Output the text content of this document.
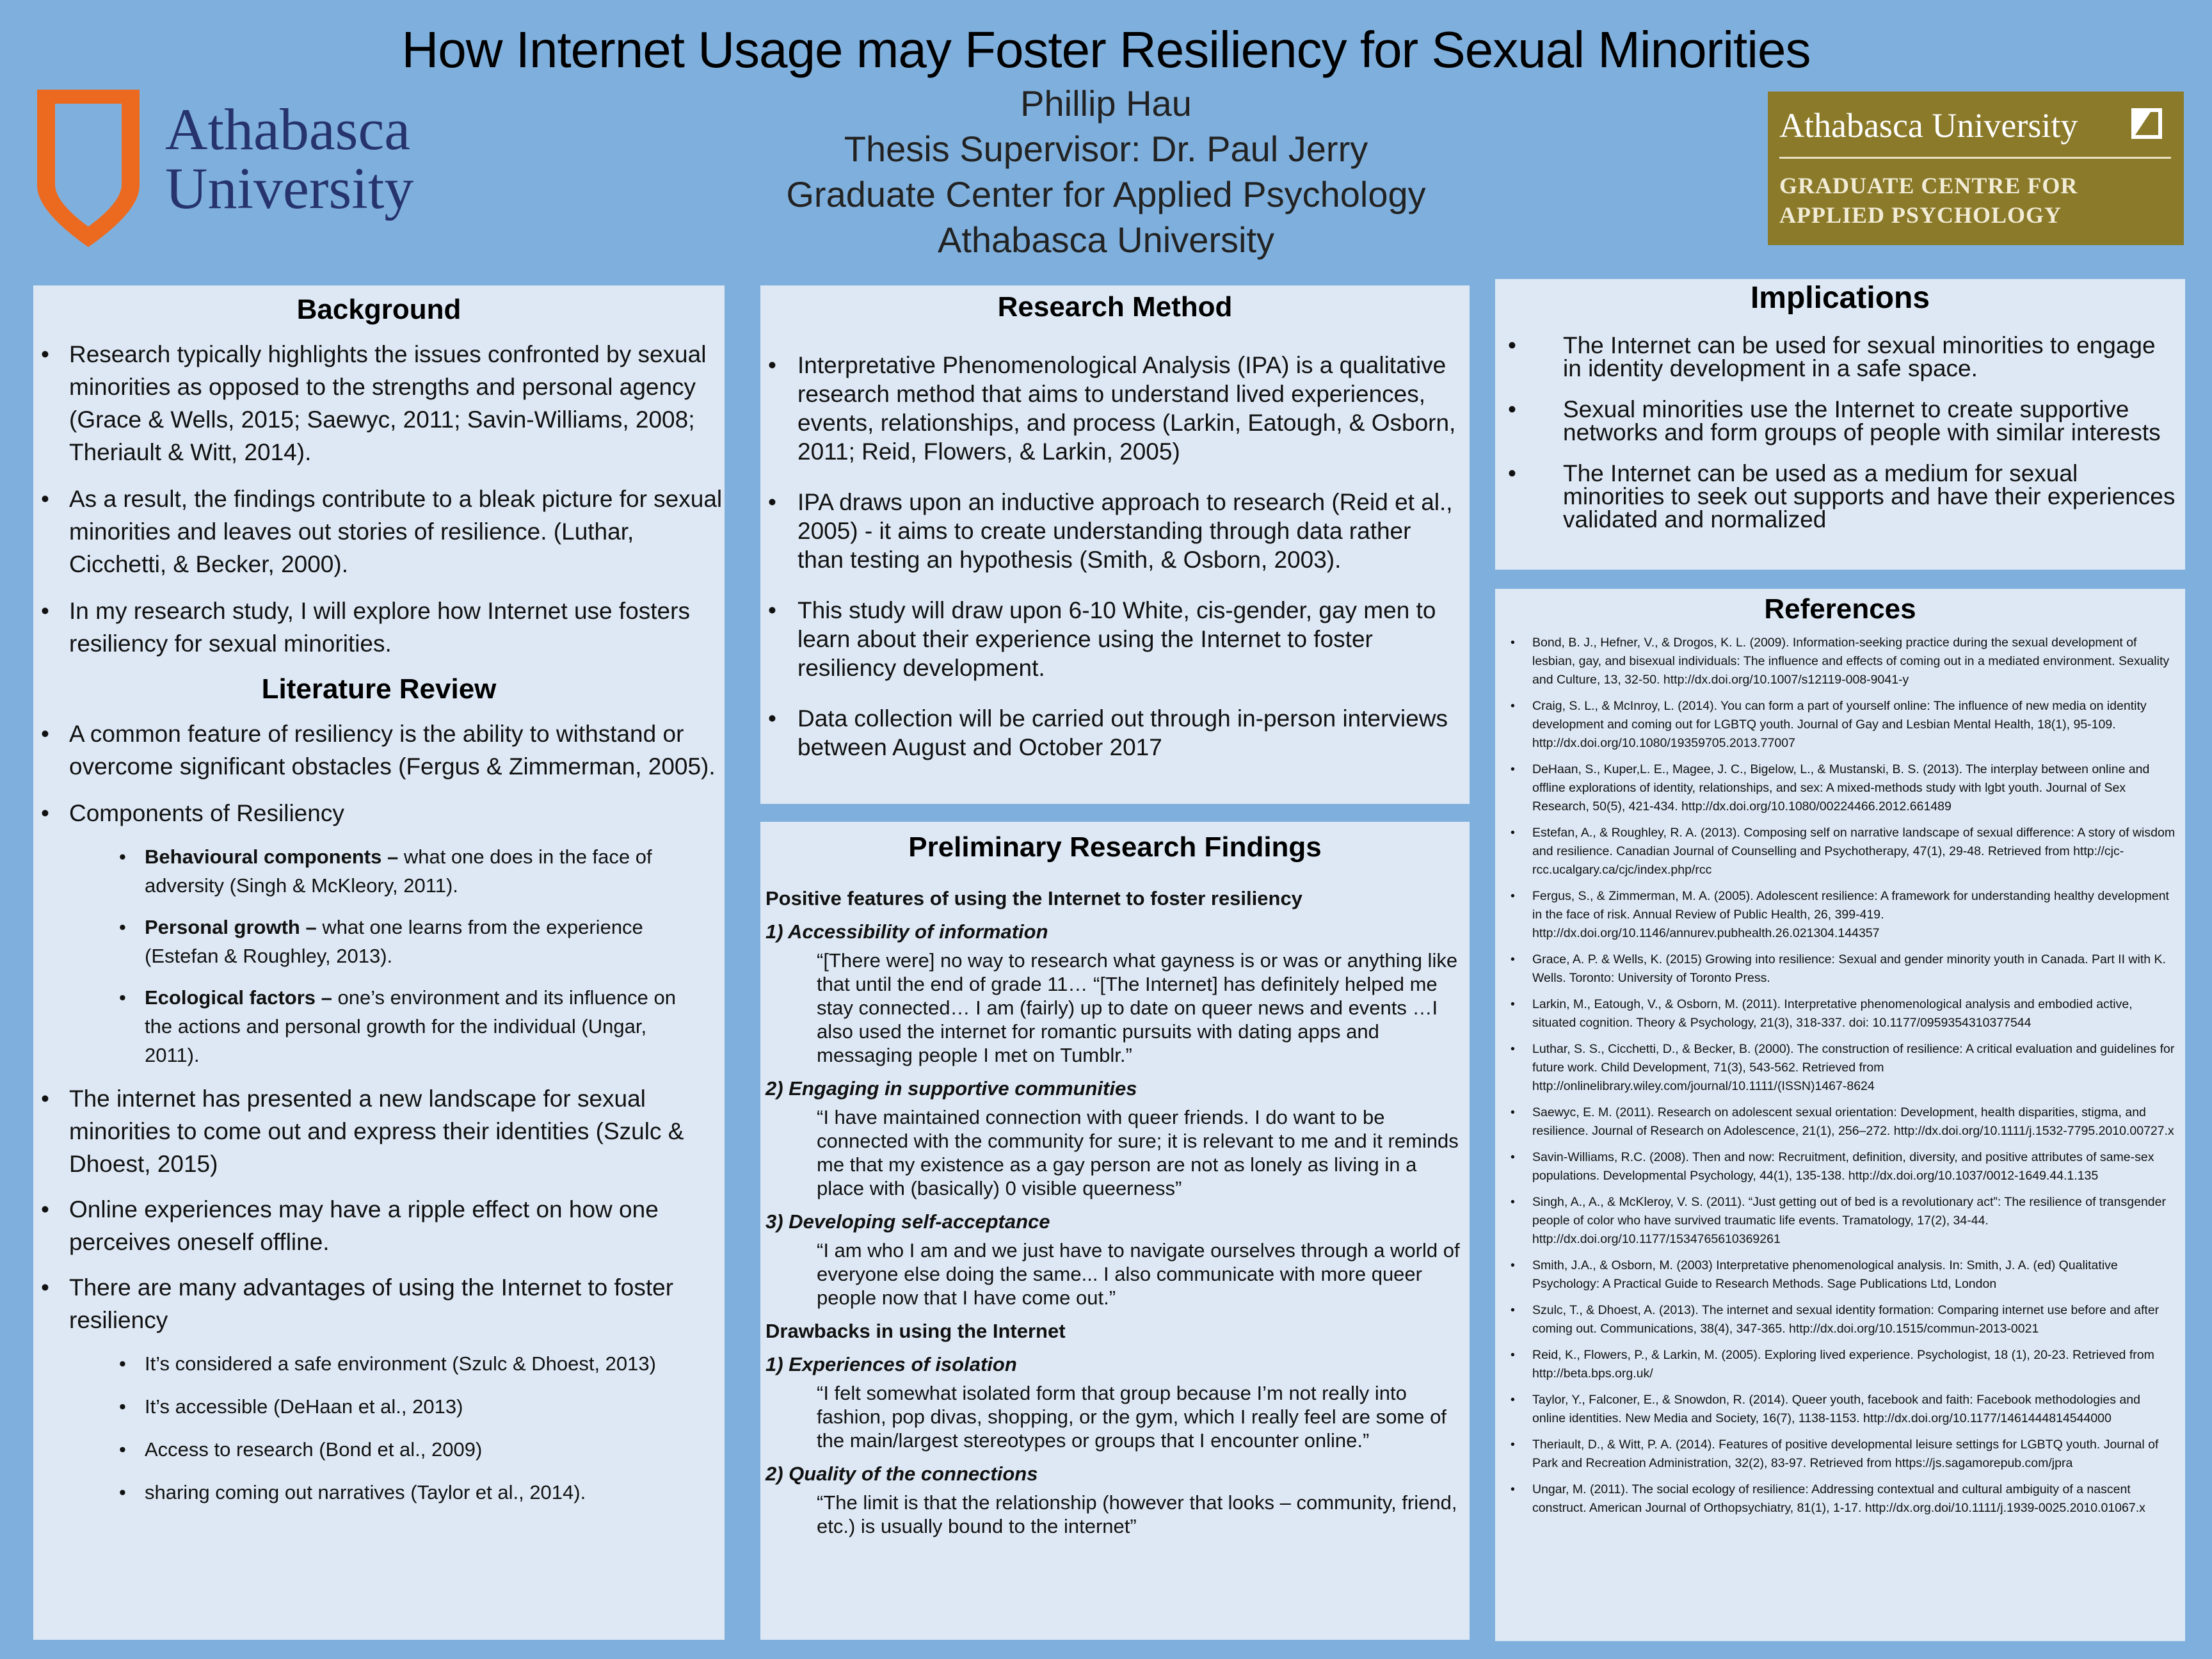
How Internet Usage may Foster Resiliency for Sexual Minorities
Athabasca
University
Phillip Hau
Thesis Supervisor: Dr. Paul Jerry
Graduate Center for Applied Psychology
Athabasca University
Athabasca University
GRADUATE CENTRE FOR
APPLIED PSYCHOLOGY
Background
• Research typically highlights the issues confronted by sexual minorities as opposed to the strengths and personal agency (Grace & Wells, 2015; Saewyc, 2011; Savin-Williams, 2008; Theriault & Witt, 2014).
• As a result, the findings contribute to a bleak picture for sexual minorities and leaves out stories of resilience. (Luthar, Cicchetti, & Becker, 2000).
• In my research study, I will explore how Internet use fosters resiliency for sexual minorities.
Literature Review
• A common feature of resiliency is the ability to withstand or overcome significant obstacles (Fergus & Zimmerman, 2005).
• Components of Resiliency
• Behavioural components – what one does in the face of adversity (Singh & McKleory, 2011).
• Personal growth – what one learns from the experience (Estefan & Roughley, 2013).
• Ecological factors – one’s environment and its influence on the actions and personal growth for the individual (Ungar, 2011).
• The internet has presented a new landscape for sexual minorities to come out and express their identities (Szulc & Dhoest, 2015)
• Online experiences may have a ripple effect on how one perceives oneself offline.
• There are many advantages of using the Internet to foster resiliency
• It’s considered a safe environment (Szulc & Dhoest, 2013)
• It’s accessible (DeHaan et al., 2013)
• Access to research (Bond et al., 2009)
• sharing coming out narratives (Taylor et al., 2014).
Research Method
• Interpretative Phenomenological Analysis (IPA) is a qualitative research method that aims to understand lived experiences, events, relationships, and process (Larkin, Eatough, & Osborn, 2011; Reid, Flowers, & Larkin, 2005)
• IPA draws upon an inductive approach to research (Reid et al., 2005) - it aims to create understanding through data rather than testing an hypothesis (Smith, & Osborn, 2003).
• This study will draw upon 6-10 White, cis-gender, gay men to learn about their experience using the Internet to foster resiliency development.
• Data collection will be carried out through in-person interviews between August and October 2017
Preliminary Research Findings
Positive features of using the Internet to foster resiliency
1) Accessibility of information
“[There were] no way to research what gayness is or was or anything like that until the end of grade 11… “[The Internet] has definitely helped me stay connected… I am (fairly) up to date on queer news and events …I also used the internet for romantic pursuits with dating apps and messaging people I met on Tumblr.”
2) Engaging in supportive communities
“I have maintained connection with queer friends. I do want to be connected with the community for sure; it is relevant to me and it reminds me that my existence as a gay person are not as lonely as living in a place with (basically) 0 visible queerness”
3) Developing self-acceptance
“I am who I am and we just have to navigate ourselves through a world of everyone else doing the same... I also communicate with more queer people now that I have come out.”
Drawbacks in using the Internet
1) Experiences of isolation
“I felt somewhat isolated form that group because I’m not really into fashion, pop divas, shopping, or the gym, which I really feel are some of the main/largest stereotypes or groups that I encounter online.”
2) Quality of the connections
“The limit is that the relationship (however that looks – community, friend, etc.) is usually bound to the internet”
Implications
• The Internet can be used for sexual minorities to engage in identity development in a safe space.
• Sexual minorities use the Internet to create supportive networks and form groups of people with similar interests
• The Internet can be used as a medium for sexual minorities to seek out supports and have their experiences validated and normalized
References
• Bond, B. J., Hefner, V., & Drogos, K. L. (2009). Information-seeking practice during the sexual development of lesbian, gay, and bisexual individuals: The influence and effects of coming out in a mediated environment. Sexuality and Culture, 13, 32-50. http://dx.doi.org/10.1007/s12119-008-9041-y
• Craig, S. L., & McInroy, L. (2014). You can form a part of yourself online: The influence of new media on identity development and coming out for LGBTQ youth. Journal of Gay and Lesbian Mental Health, 18(1), 95-109. http://dx.doi.org/10.1080/19359705.2013.77007
• DeHaan, S., Kuper,L. E., Magee, J. C., Bigelow, L., & Mustanski, B. S. (2013). The interplay between online and offline explorations of identity, relationships, and sex: A mixed-methods study with lgbt youth. Journal of Sex Research, 50(5), 421-434. http://dx.doi.org/10.1080/00224466.2012.661489
• Estefan, A., & Roughley, R. A. (2013). Composing self on narrative landscape of sexual difference: A story of wisdom and resilience. Canadian Journal of Counselling and Psychotherapy, 47(1), 29-48. Retrieved from http://cjc-rcc.ucalgary.ca/cjc/index.php/rcc
• Fergus, S., & Zimmerman, M. A. (2005). Adolescent resilience: A framework for understanding healthy development in the face of risk. Annual Review of Public Health, 26, 399-419. http://dx.doi.org/10.1146/annurev.pubhealth.26.021304.144357
• Grace, A. P. & Wells, K. (2015) Growing into resilience: Sexual and gender minority youth in Canada. Part II with K. Wells. Toronto: University of Toronto Press.
• Larkin, M., Eatough, V., & Osborn, M. (2011). Interpretative phenomenological analysis and embodied active, situated cognition. Theory & Psychology, 21(3), 318-337. doi: 10.1177/0959354310377544
• Luthar, S. S., Cicchetti, D., & Becker, B. (2000). The construction of resilience: A critical evaluation and guidelines for future work. Child Development, 71(3), 543-562. Retrieved from http://onlinelibrary.wiley.com/journal/10.1111/(ISSN)1467-8624
• Saewyc, E. M. (2011). Research on adolescent sexual orientation: Development, health disparities, stigma, and resilience. Journal of Research on Adolescence, 21(1), 256–272. http://dx.doi.org/10.1111/j.1532-7795.2010.00727.x
• Savin-Williams, R.C. (2008). Then and now: Recruitment, definition, diversity, and positive attributes of same-sex populations. Developmental Psychology, 44(1), 135-138. http://dx.doi.org/10.1037/0012-1649.44.1.135
• Singh, A., A., & McKleroy, V. S. (2011). “Just getting out of bed is a revolutionary act”: The resilience of transgender people of color who have survived traumatic life events. Tramatology, 17(2), 34-44. http://dx.doi.org/10.1177/1534765610369261
• Smith, J.A., & Osborn, M. (2003) Interpretative phenomenological analysis. In: Smith, J. A. (ed) Qualitative Psychology: A Practical Guide to Research Methods. Sage Publications Ltd, London
• Szulc, T., & Dhoest, A. (2013). The internet and sexual identity formation: Comparing internet use before and after coming out. Communications, 38(4), 347-365. http://dx.doi.org/10.1515/commun-2013-0021
• Reid, K., Flowers, P., & Larkin, M. (2005). Exploring lived experience. Psychologist, 18 (1), 20-23. Retrieved from http://beta.bps.org.uk/
• Taylor, Y., Falconer, E., & Snowdon, R. (2014). Queer youth, facebook and faith: Facebook methodologies and online identities. New Media and Society, 16(7), 1138-1153. http://dx.doi.org/10.1177/1461444814544000
• Theriault, D., & Witt, P. A. (2014). Features of positive developmental leisure settings for LGBTQ youth. Journal of Park and Recreation Administration, 32(2), 83-97. Retrieved from https://js.sagamorepub.com/jpra
• Ungar, M. (2011). The social ecology of resilience: Addressing contextual and cultural ambiguity of a nascent construct. American Journal of Orthopsychiatry, 81(1), 1-17. http://dx.org.doi/10.1111/j.1939-0025.2010.01067.x
